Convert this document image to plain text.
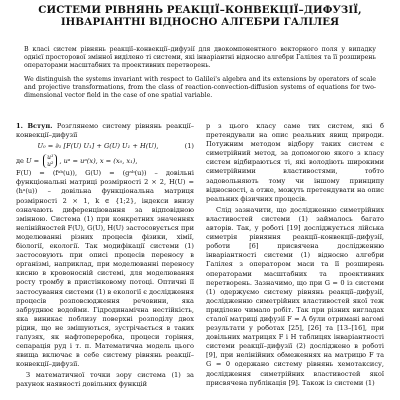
СИСТЕМИ РІВНЯНЬ РЕАКЦІЇ–КОНВЕКЦІЇ–ДИФУЗІЇ, ІНВАРІАНТНІ ВІДНОСНО АЛГЕБРИ ГАЛІЛЕЯ

В класі систем рівнянь реакції–конвекції–дифузії для двокомпонентного векторного поля у випадку однієї просторової змінної виділено ті системи, які інваріантні відносно алгебри Галілея та її розширень операторами масштабних та проективних перетворень.

We distinguish the systems invariant with respect to Galilei's algebra and its extensions by operators of scale and projective transformations, from the class of reaction-convection-diffusion systems of equations for two-dimensional vector field in the case of one spatial variable.

1. Вступ. Розглянемо систему рівнянь реакції–конвекції–дифузії

U₀ = ∂₁ [F(U) U₁] + G(U) U₁ + H(U),	(1)
де U = u¹
u²
, uᵃ = uᵃ(x), x = (x₀, x₁),

F(U) = (fᵃᵇ(u)), G(U) = (gᵃᵇ(u)) – довільні функціональні матриці розмірності 2 × 2, H(U) = (hᵃ(u)) – довільна функціональна матриця розмірності 2 × 1, k ∈ {1;2}, індекси внизу означають диференціювання за відповідною змінною. Система (1) при конкретних значеннях нелінійностей F(U), G(U), H(U) застосовується при моделюванні різних процесів фізики, хімії, біології, екології. Так модифікації системи (1) застосовують при описі процесів переносу в організмі, наприклад, при моделюванні переносу кисню в кровоносній системі, для моделювання росту тромбу в пристінковому потоці. Оптичні її застосування системи (1) в екології є дослідження процесів розповсюдження речовини, яка забруднює водойми. Гідродинамічна нестійкість, яка виникає поблизу поверхні розподілу двох рідин, що не змішуються, зустрічається в таких галузях, як нафтопереробка, процеси горіння, сепарація руд і т. п. Математична модель цього явища включає в себе систему рівнянь реакції–конвекції–дифузії.

З математичної точки зору система (1) за рахунок наявності довільних функцій

р з цього класу саме тих систем, які б претендували на опис реальних явищ природи. Потужним методом відбору таких систем є симетрійний метод, за допомогою якого з класу систем відбираються ті, які володіють широкими симетрійними властивостями, тобто задовольняють тому чи іншому принципу відносності, а отже, можуть претендувати на опис реальних фізичних процесів.

Слід зазначити, що дослідженню симетрійних властивостей системи (1) займалось багато авторів. Так, у роботі [19] досліджується лійська симетрія рівняння реакції–конвекції–дифузії, роботи [6] присвячена дослідженню інваріантності системи (1) відносно алгебри Галілея з оператором маси та її розширень операторами масштабних та проективних перетворень. Зазначимо, що при G = 0 із системи (1) одержуємо систему рівнянь реакції–дифузії, дослідженню симетрійних властивостей якої теж приділено чимало робіт. Так при різних вигладах сталої матриці дифузії F = A були отримані вагомі результати у роботах [25], [26] та [13–[16], при довільних матрицях F і H таблицях інваріантності системи реакції–дифузії (2) досліджено в роботі [9], при нелінійних обмеженнях на матрицю F та G = 0 одержано систему рівнянь хемотаксису, дослідження симетрійних властивостей якої присвячена публікація [9]. Також із системи (1)
